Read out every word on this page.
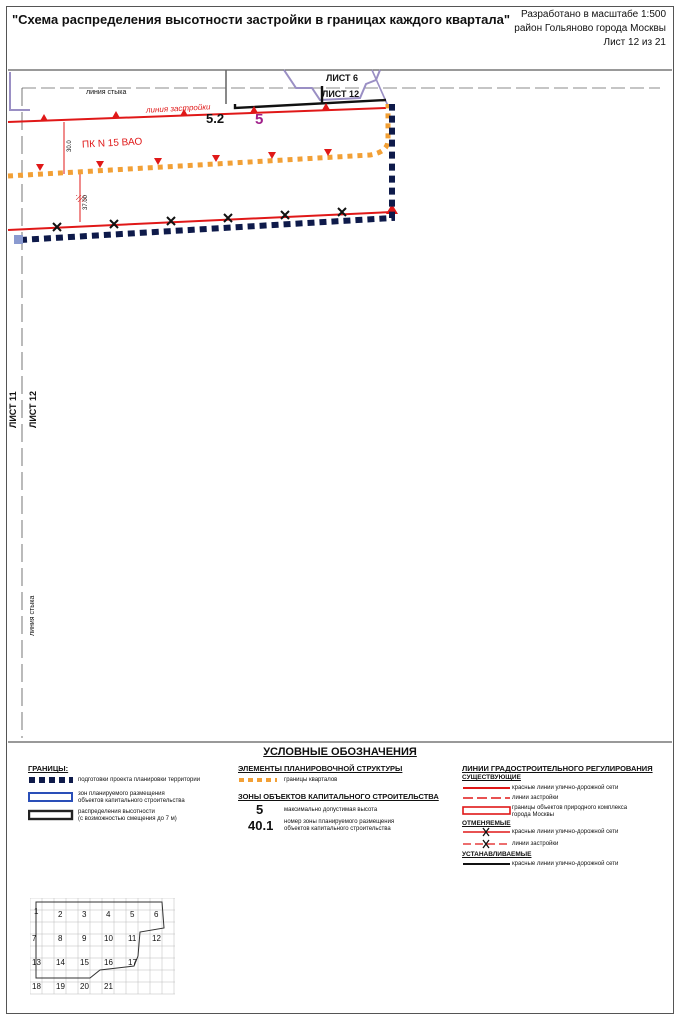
"Схема распределения высотности застройки в границах каждого квартала"	Разработано в масштабе 1:500
район Гольяново города Москвы
Лист 12 из 21
ЛИСТ 6
ЛИСТ 12
линия стыка
линия застройки
5.2 5
ПК N 15 ВАО
30.0
37.00
ЛИСТ 11 ЛИСТ 12
линия стыка
УСЛОВНЫЕ ОБОЗНАЧЕНИЯ
ГРАНИЦЫ:
подготовки проекта планировки территории
зон планируемого размещения
объектов капитального строительства
распределения высотности
(с возможностью смещения до 7 м)
ЭЛЕМЕНТЫ ПЛАНИРОВОЧНОЙ СТРУКТУРЫ
границы кварталов
ЗОНЫ ОБЪЕКТОВ КАПИТАЛЬНОГО СТРОИТЕЛЬСТВА
5	максимально допустимая высота
40.1 номер зоны планируемого размещения
объектов капитального строительства
ЛИНИИ ГРАДОСТРОИТЕЛЬНОГО РЕГУЛИРОВАНИЯ
СУЩЕСТВУЮЩИЕ
красные линии улично-дорожной сети
линии застройки
границы объектов природного комплекса
города Москвы
ОТМЕНЯЕМЫЕ
красные линии улично-дорожной сети
линии застройки
УСТАНАВЛИВАЕМЫЕ
красные линии улично-дорожной сети
1 2 3 4 5 6
7	8 9 10 11 12
13 14 15 16 17
18 19 20 21
